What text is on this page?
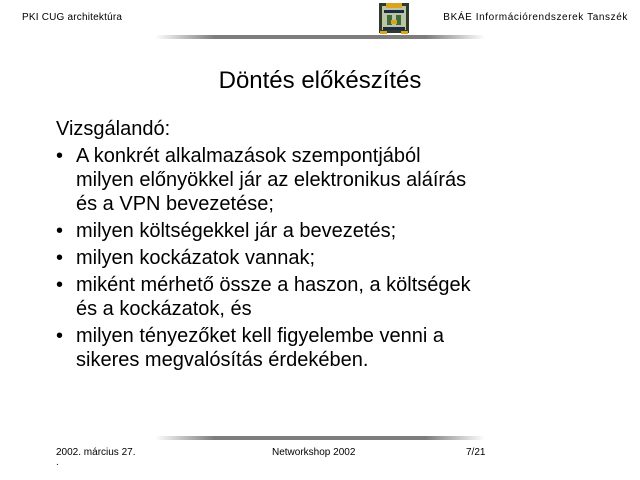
PKI CUG architektúra	BKÁE Információrendszerek Tanszék
Döntés előkészítés

Vizsgálandó:

• A konkrét alkalmazások szempontjából
milyen előnyökkel jár az elektronikus aláírás
és a VPN bevezetése;
• milyen költségekkel jár a bevezetés;
• milyen kockázatok vannak;
• miként mérhető össze a haszon, a költségek
és a kockázatok, és
• milyen tényezőket kell figyelembe venni a
sikeres megvalósítás érdekében.
2002. március 27.
.
Networkshop 2002	7/21
